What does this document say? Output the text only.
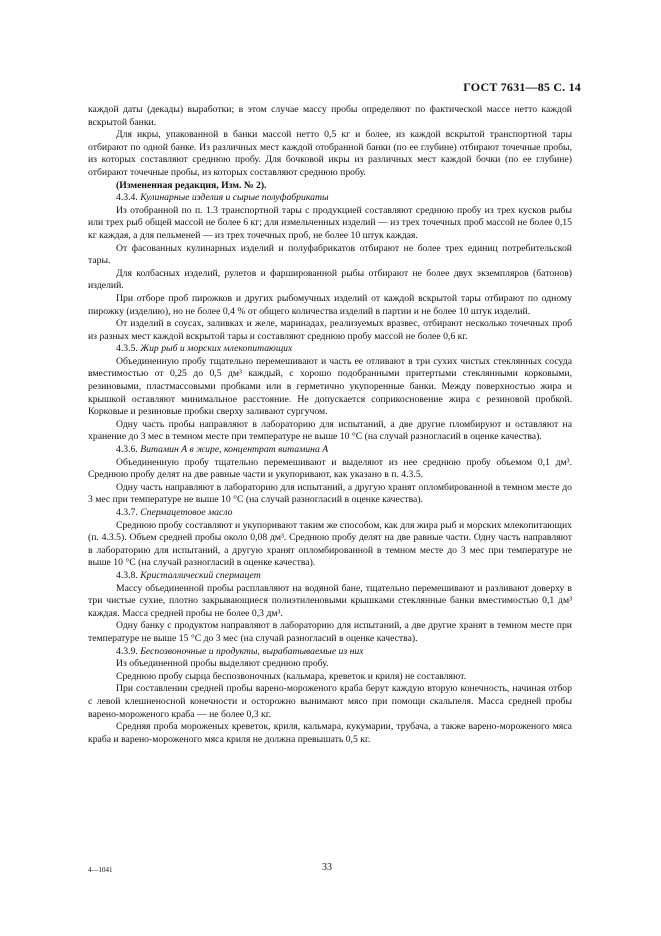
ГОСТ 7631—85 С. 14

каждой даты (декады) выработки; в этом случае массу пробы определяют по фактической массе нетто каждой вскрытой банки.

Для икры, упакованной в банки массой нетто 0,5 кг и более, из каждой вскрытой транспортной тары отбирают по одной банке. Из различных мест каждой отобранной банки (по ее глубине) отбирают точечные пробы, из которых составляют среднюю пробу. Для бочковой икры из различных мест каждой бочки (по ее глубине) отбирают точечные пробы, из которых составляют среднюю пробу.

(Измененная редакция, Изм. № 2).

4.3.4. Кулинарные изделия и сырые полуфабрикаты

Из отобранной по п. 1.3 транспортной тары с продукцией составляют среднюю пробу из трех кусков рыбы или трех рыб общей массой не более 6 кг; для измельченных изделий — из трех точечных проб массой не более 0,15 кг каждая, а для пельменей — из трех точечных проб, не более 10 штук каждая.

От фасованных кулинарных изделий и полуфабрикатов отбирают не более трех единиц потребительской тары.

Для колбасных изделий, рулетов и фаршированной рыбы отбирают не более двух экземпляров (батонов) изделий.

При отборе проб пирожков и других рыбомучных изделий от каждой вскрытой тары отбирают по одному пирожку (изделию), но не более 0,4 % от общего количества изделий в партии и не более 10 штук изделий.

От изделий в соусах, заливках и желе, маринадах, реализуемых вразвес, отбирают несколько точечных проб из разных мест каждой вскрытой тары и составляют среднюю пробу массой не более 0,6 кг.

4.3.5. Жир рыб и морских млекопитающих

Объединенную пробу тщательно перемешивают и часть ее отливают в три сухих чистых стеклянных сосуда вместимостью от 0,25 до 0,5 дм³ каждый, с хорошо подобранными притертыми стеклянными корковыми, резиновыми, пластмассовыми пробками или в герметично укупоренные банки. Между поверхностью жира и крышкой оставляют минимальное расстояние. Не допускается соприкосновение жира с резиновой пробкой. Корковые и резиновые пробки сверху заливают сургучом.

Одну часть пробы направляют в лабораторию для испытаний, а две другие пломбируют и оставляют на хранение до 3 мес в темном месте при температуре не выше 10 °С (на случай разногласий в оценке качества).

4.3.6. Витамин А в жире, концентрат витамина А

Объединенную пробу тщательно перемешивают и выделяют из нее среднюю пробу объемом 0,1 дм³. Среднюю пробу делят на две равные части и укупоривают, как указано в п. 4.3.5.

Одну часть направляют в лабораторию для испытаний, а другую хранят опломбированной в темном месте до 3 мес при температуре не выше 10 °С (на случай разногласий в оценке качества).

4.3.7. Спермацетовое масло

Среднюю пробу составляют и укупоривают таким же способом, как для жира рыб и морских млекопитающих (п. 4.3.5). Объем средней пробы около 0,08 дм³. Среднюю пробу делят на две равные части. Одну часть направляют в лабораторию для испытаний, а другую хранят опломбированной в темном месте до 3 мес при температуре не выше 10 °С (на случай разногласий в оценке качества).

4.3.8. Кристаллический спермацет

Массу объединенной пробы расплавляют на водяной бане, тщательно перемешивают и разливают доверху в три чистые сухие, плотно закрывающиеся полиэтиленовыми крышками стеклянные банки вместимостью 0,1 дм³ каждая. Масса средней пробы не более 0,3 дм³.

Одну банку с продуктом направляют в лабораторию для испытаний, а две другие хранят в темном месте при температуре не выше 15 °С до 3 мес (на случай разногласий в оценке качества).

4.3.9. Беспозвоночные и продукты, вырабатываемые из них

Из объединенной пробы выделяют среднюю пробу.

Среднюю пробу сырца беспозвоночных (кальмара, креветок и криля) не составляют.

При составлении средней пробы варено-мороженого краба берут каждую вторую конечность, начиная отбор с левой клешненосной конечности и осторожно вынимают мясо при помощи скальпеля. Масса средней пробы варено-мороженого краба — не более 0,3 кг.

Средняя проба мороженых креветок, криля, кальмара, кукумарии, трубача, а также варено-мороженого мяса краба и варено-мороженого мяса криля не должна превышать 0,5 кг.

4—1041	33
